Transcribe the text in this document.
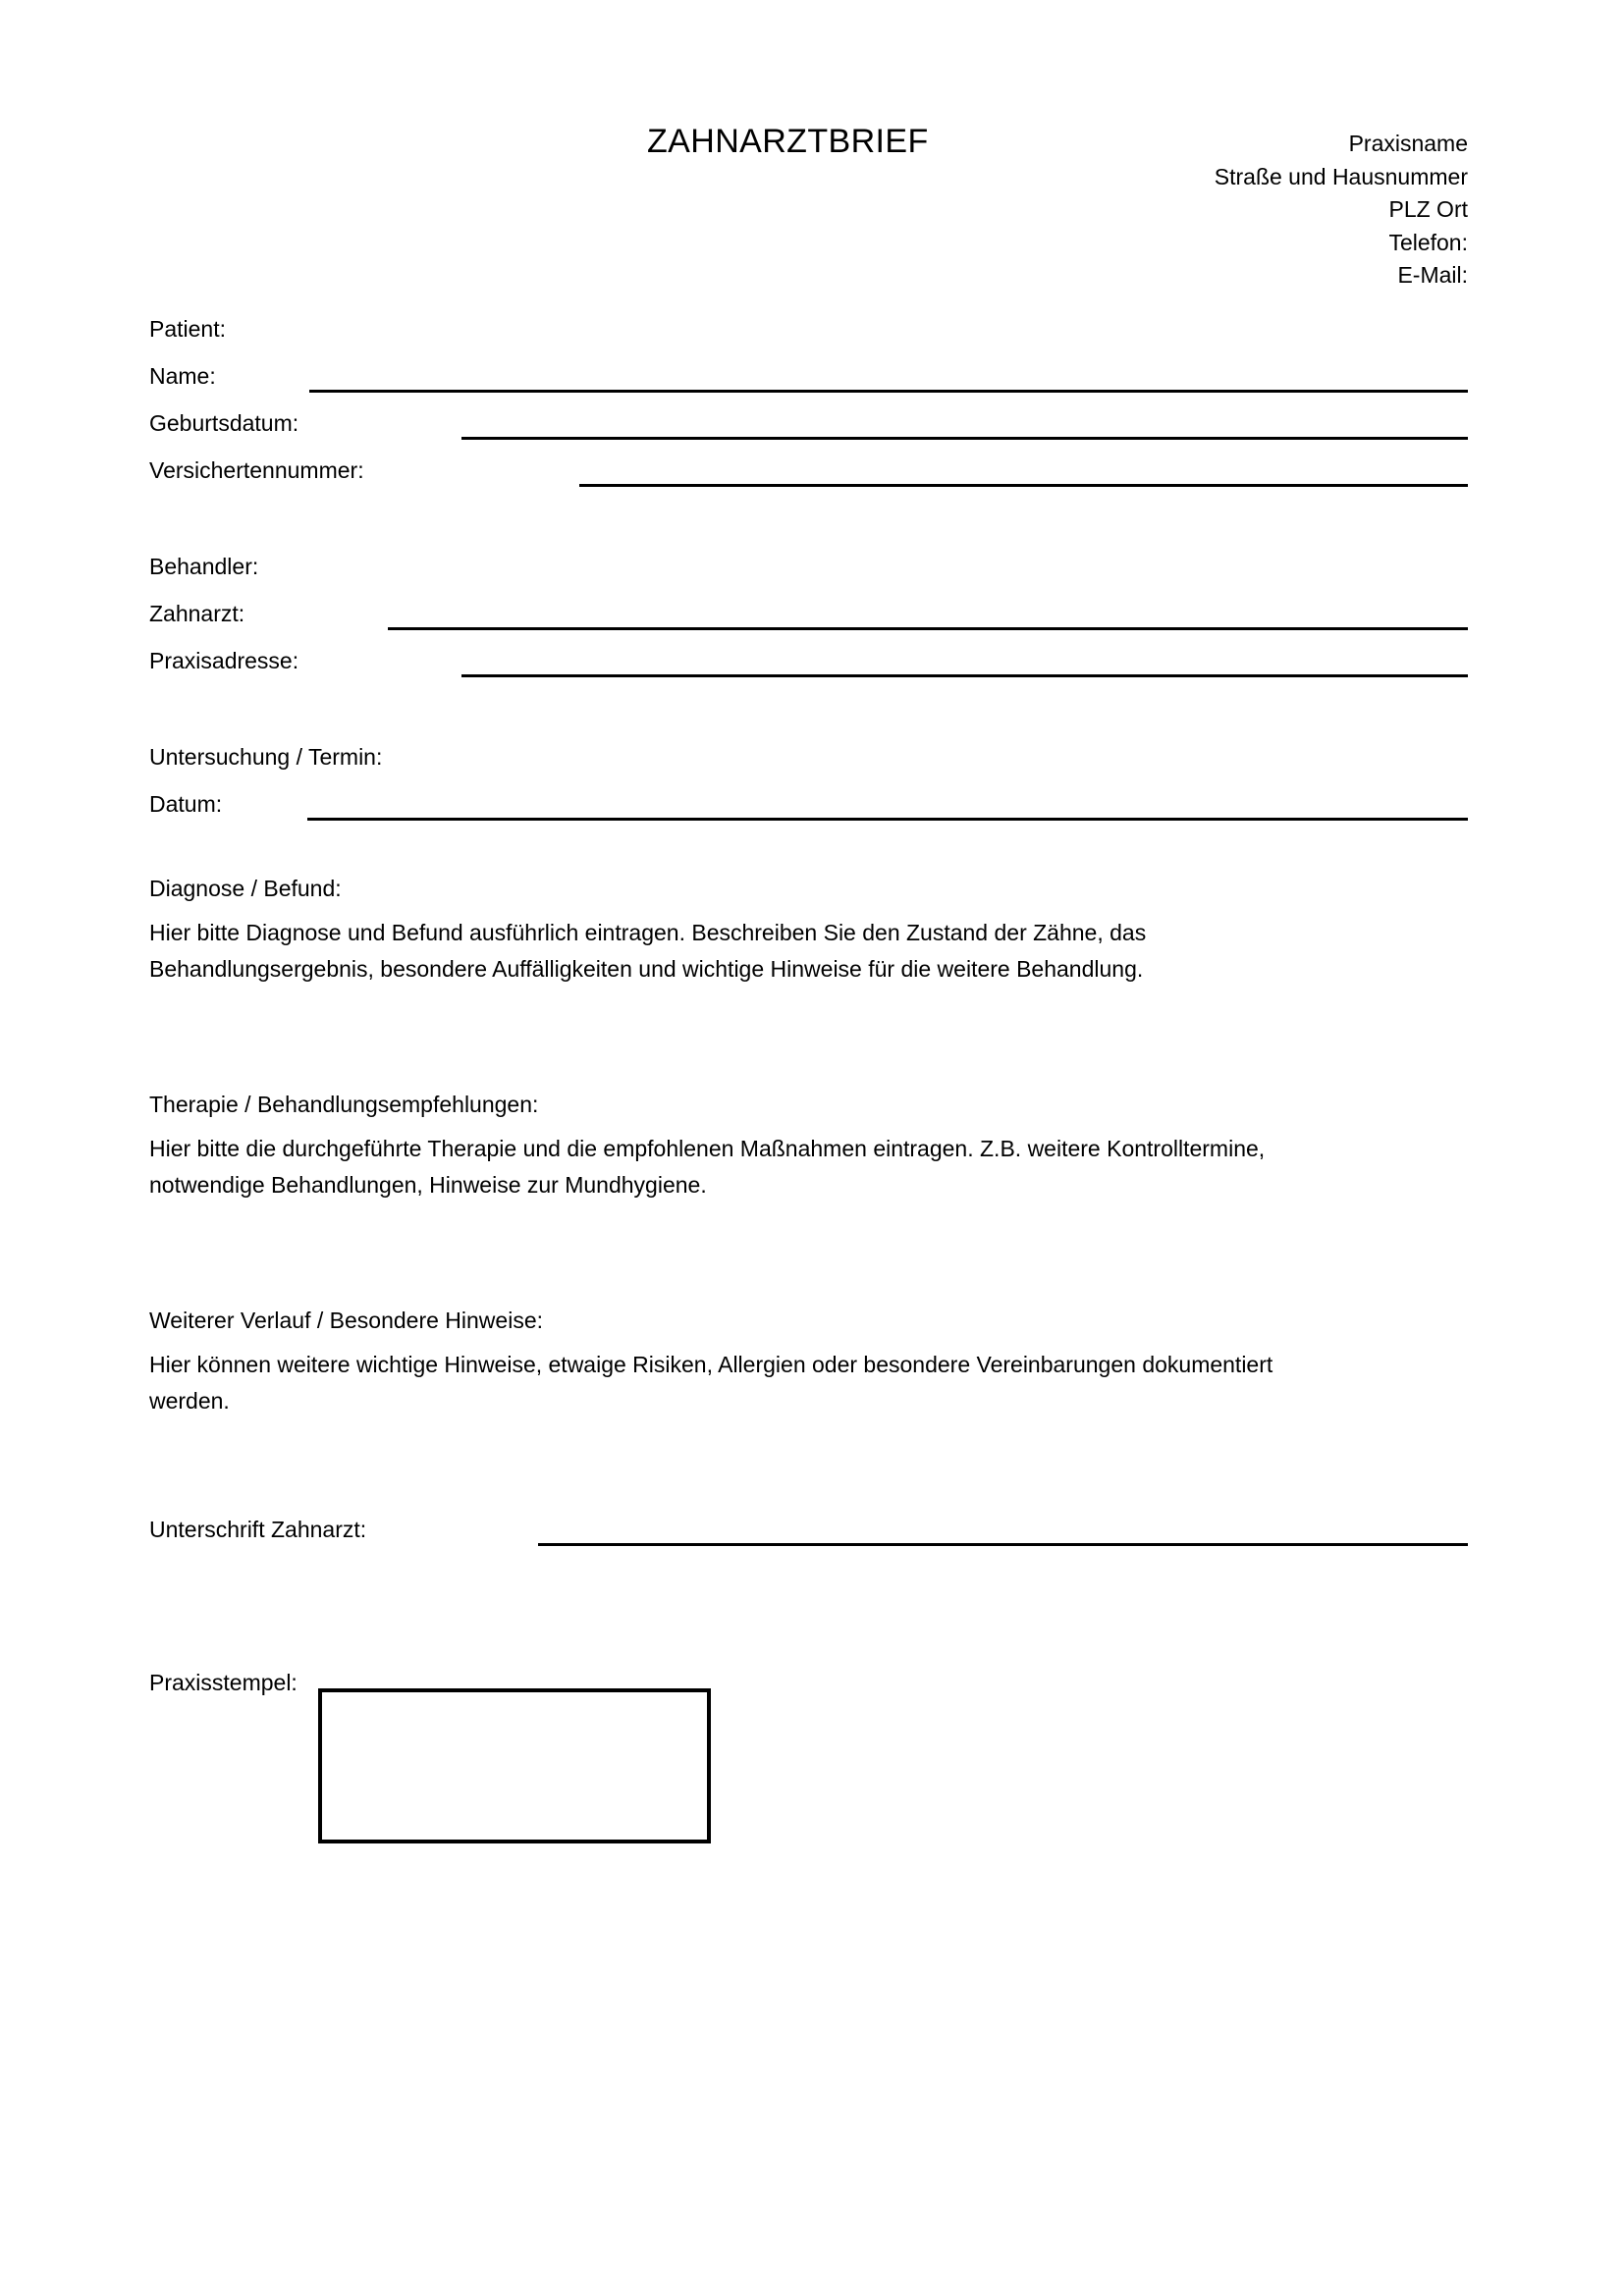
ZAHNARZTBRIEF	Praxisname
Straße und Hausnummer
PLZ Ort
Telefon:
E-Mail:
Patient:
Name:
Geburtsdatum:
Versichertennummer:
Behandler:
Zahnarzt:
Praxisadresse:
Untersuchung / Termin:
Datum:
Diagnose / Befund:
Hier bitte Diagnose und Befund ausführlich eintragen. Beschreiben Sie den Zustand der Zähne, das Behandlungsergebnis, besondere Auffälligkeiten und wichtige Hinweise für die weitere Behandlung.
Therapie / Behandlungsempfehlungen:
Hier bitte die durchgeführte Therapie und die empfohlenen Maßnahmen eintragen. Z.B. weitere Kontrolltermine, notwendige Behandlungen, Hinweise zur Mundhygiene.
Weiterer Verlauf / Besondere Hinweise:
Hier können weitere wichtige Hinweise, etwaige Risiken, Allergien oder besondere Vereinbarungen dokumentiert werden.
Unterschrift Zahnarzt:
Praxisstempel:
